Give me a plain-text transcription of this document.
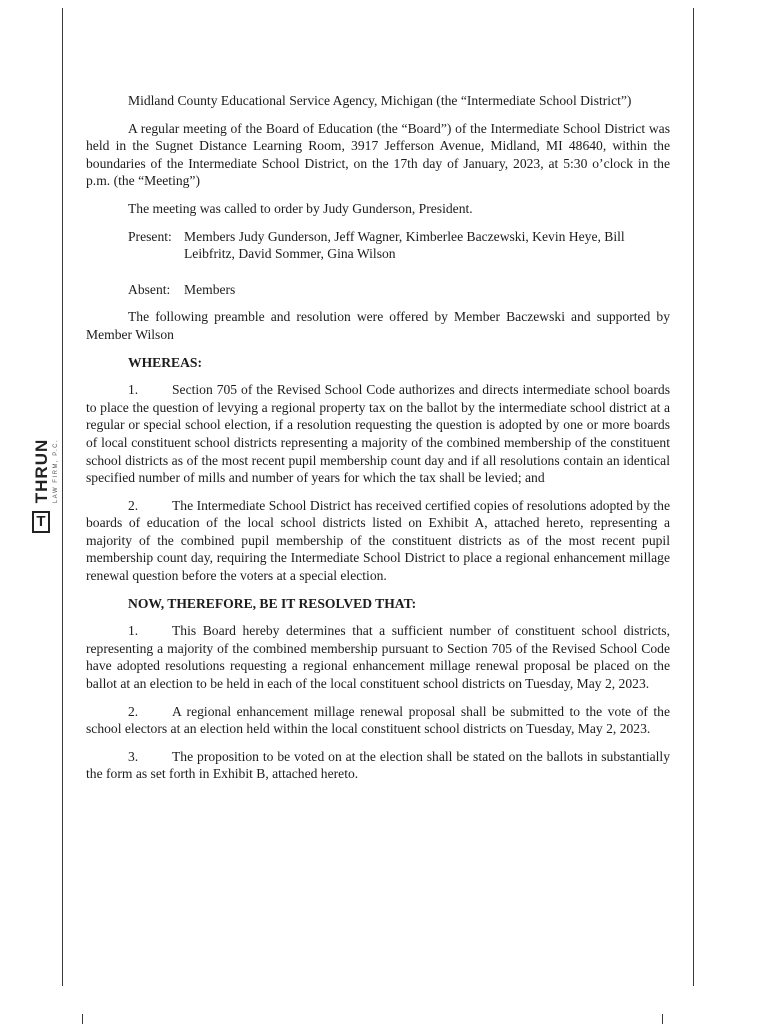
THRUN LAW FIRM, P.C.
T

Midland County Educational Service Agency, Michigan (the “Intermediate School District”)

A regular meeting of the Board of Education (the “Board”) of the Intermediate School District was held in the Sugnet Distance Learning Room, 3917 Jefferson Avenue, Midland, MI 48640, within the boundaries of the Intermediate School District, on the 17th day of January, 2023, at 5:30 o’clock in the p.m. (the “Meeting”)

The meeting was called to order by Judy Gunderson, President.

Present: Members Judy Gunderson, Jeff Wagner, Kimberlee Baczewski, Kevin Heye, Bill Leibfritz, David Sommer, Gina Wilson
Absent:	Members

The following preamble and resolution were offered by Member Baczewski and supported by Member Wilson

WHEREAS:

1. Section 705 of the Revised School Code authorizes and directs intermediate school boards to place the question of levying a regional property tax on the ballot by the intermediate school district at a regular or special school election, if a resolution requesting the question is adopted by one or more boards of local constituent school districts representing a majority of the combined membership of the constituent school districts as of the most recent pupil membership count day and if all resolutions contain an identical specified number of mills and number of years for which the tax shall be levied; and

2. The Intermediate School District has received certified copies of resolutions adopted by the boards of education of the local school districts listed on Exhibit A, attached hereto, representing a majority of the combined pupil membership of the constituent districts as of the most recent pupil membership count day, requiring the Intermediate School District to place a regional enhancement millage renewal question before the voters at a special election.

NOW, THEREFORE, BE IT RESOLVED THAT:

1. This Board hereby determines that a sufficient number of constituent school districts, representing a majority of the combined membership pursuant to Section 705 of the Revised School Code have adopted resolutions requesting a regional enhancement millage renewal proposal be placed on the ballot at an election to be held in each of the local constituent school districts on Tuesday, May 2, 2023.

2. A regional enhancement millage renewal proposal shall be submitted to the vote of the school electors at an election held within the local constituent school districts on Tuesday, May 2, 2023.

3. The proposition to be voted on at the election shall be stated on the ballots in substantially the form as set forth in Exhibit B, attached hereto.
